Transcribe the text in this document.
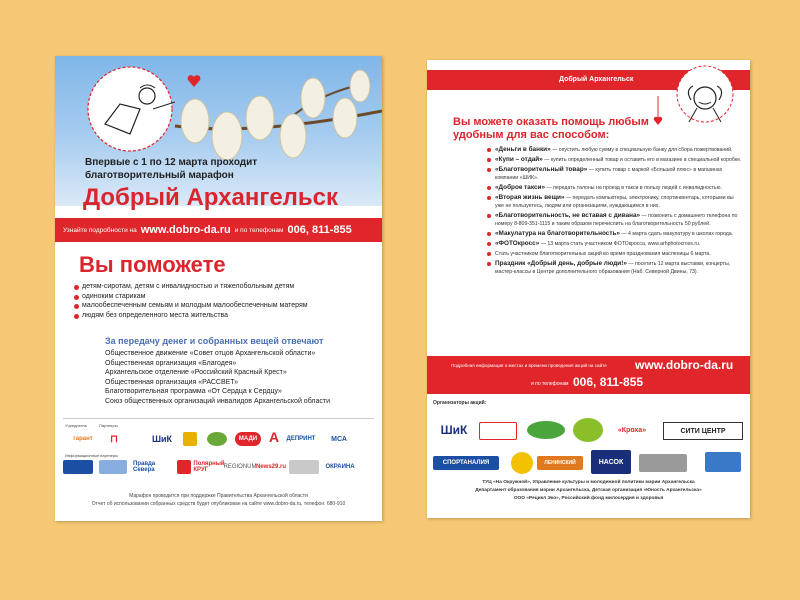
Впервые с 1 по 12 марта проходит
благотворительный марафон
Добрый Архангельск
Узнайте подробности на www.dobro-da.ru и по телефонам 006, 811-855
Вы поможете
детям-сиротам, детям с инвалидностью и тяжелобольным детям
одиноким старикам
малообеспеченным семьям и молодым малообеспеченным матерям
людям без определенного места жительства
За передачу денег и собранных вещей отвечают
Общественное движение «Совет отцов Архангельской области»
Общественная организация «Благодея»
Архангельское отделение «Российский Красный Крест»
Общественная организация «РАССВЕТ»
Благотворительная программа «От Сердца к Сердцу»
Союз общественных организаций инвалидов Архангельской области
Учредитель	Партнеры
гарант	⊓	ШиК	МАДИ A	ДЕПРИНТ МСА
Информационные партнеры
Правда Севера
Полярный КРУГ	REGIONUM News29.ru	ОКРАИНА
Марафон проводится при поддержке Правительства Архангельской области
Отчет об использовании собранных средств будет опубликован на сайте www.dobro-da.ru, телефон: 680-910
Добрый Архангельск
Вы можете оказать помощь любым
удобным для вас способом:
«Деньги в банки» — опустить любую сумму в специальную банку для сбора пожертвований.
«Купи – отдай» — купить определенный товар и оставить его в магазине в специальной коробке.
«Благотворительный товар» — купить товар с маркой «Большой плюс» в магазинах компании «ШИК».
«Доброе такси» — передать талоны на проезд в такси в пользу людей с инвалидностью.
«Вторая жизнь вещи» — передать компьютеры, электронику, спортинвентарь, которыми вы уже не пользуетесь, людям или организациям, нуждающимся в них.
«Благотворительность, не вставая с дивана» — позвонить с домашнего телефона по номеру 8-809-351-1115 и таким образом перечислить на благотворительность 50 рублей.
«Макулатура на благотворительность» — 4 марта сдать макулатуру в школах города.
«ФОТОкросс» — 13 марта стать участником ФОТОкросса, www.arhphotocross.ru.
Стать участником благотворительных акций во время празднования масленицы 6 марта.
Праздник «Добрый день, добрые люди!» — посетить 12 марта выставки, концерты, мастер-классы в Центре дополнительного образования (Наб. Северной Двины, 73).
Подробная информация о местах и времени проведения акций на сайте www.dobro-da.ru
и по телефонам 006, 811-855
Организаторы акций:
ШиК	«Кроха»	СИТИ ЦЕНТР
СПОРТАНАЛИЯ	ЛЕНИНСКИЙ	НАСОК
ТУЦ «На Окружной», Управление культуры и молодежной политики мэрии Архангельска
Департамент образования мэрии Архангельска, Детская организация «Юность Архангельска»
ООО «Рецикл Эко», Российский фонд милосердия и здоровья
